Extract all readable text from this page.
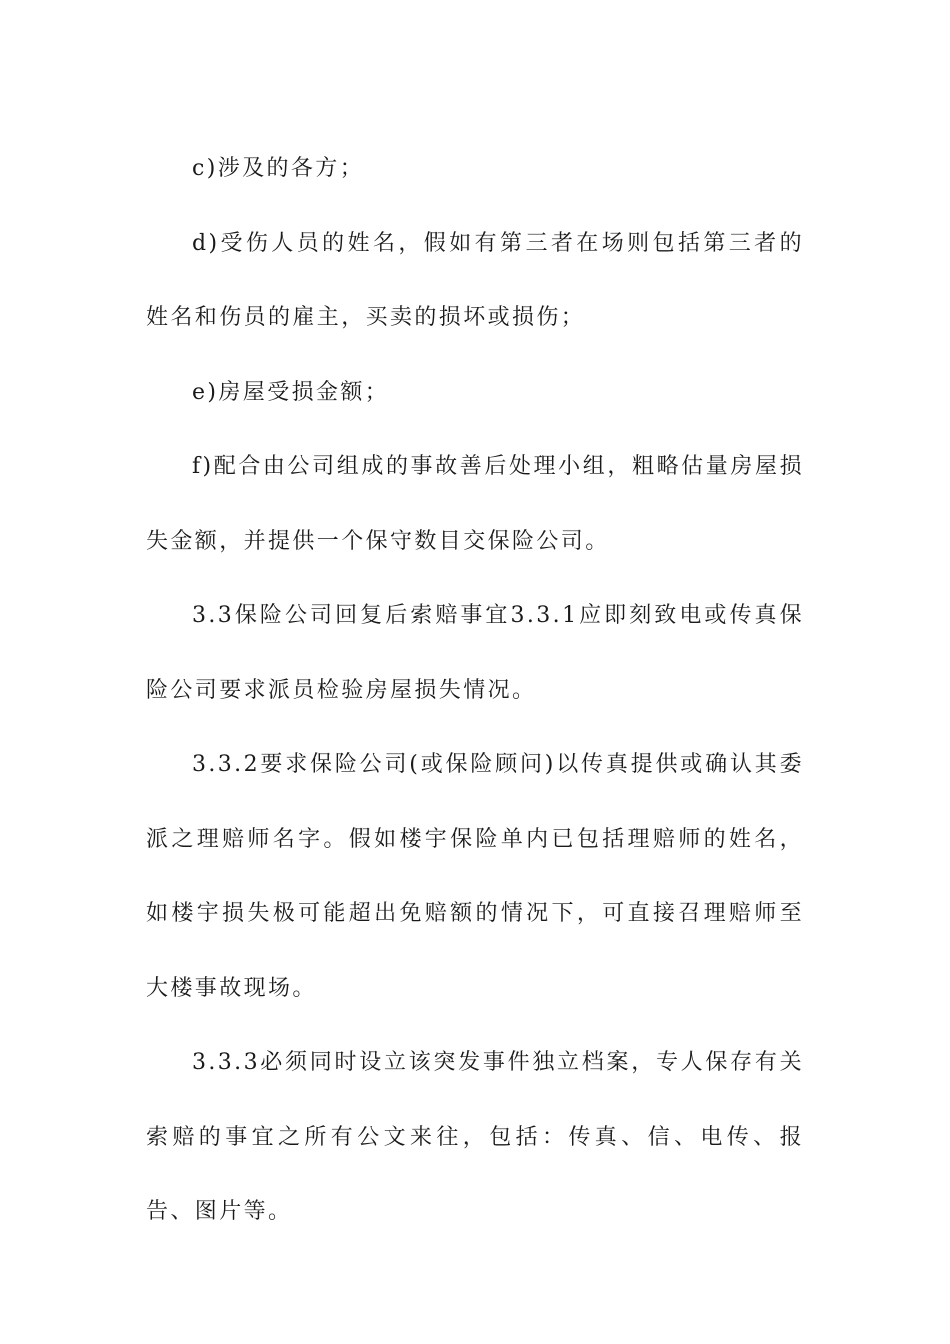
c)涉及的各方；

d)受伤人员的姓名，假如有第三者在场则包括第三者的姓名和伤员的雇主，买卖的损坏或损伤；

e)房屋受损金额；

f)配合由公司组成的事故善后处理小组，粗略估量房屋损失金额，并提供一个保守数目交保险公司。

3.3保险公司回复后索赔事宜3.3.1应即刻致电或传真保险公司要求派员检验房屋损失情况。

3.3.2要求保险公司(或保险顾问)以传真提供或确认其委派之理赔师名字。假如楼宇保险单内已包括理赔师的姓名，如楼宇损失极可能超出免赔额的情况下，可直接召理赔师至大楼事故现场。

3.3.3必须同时设立该突发事件独立档案，专人保存有关索赔的事宜之所有公文来往，包括：传真、信、电传、报告、图片等。
